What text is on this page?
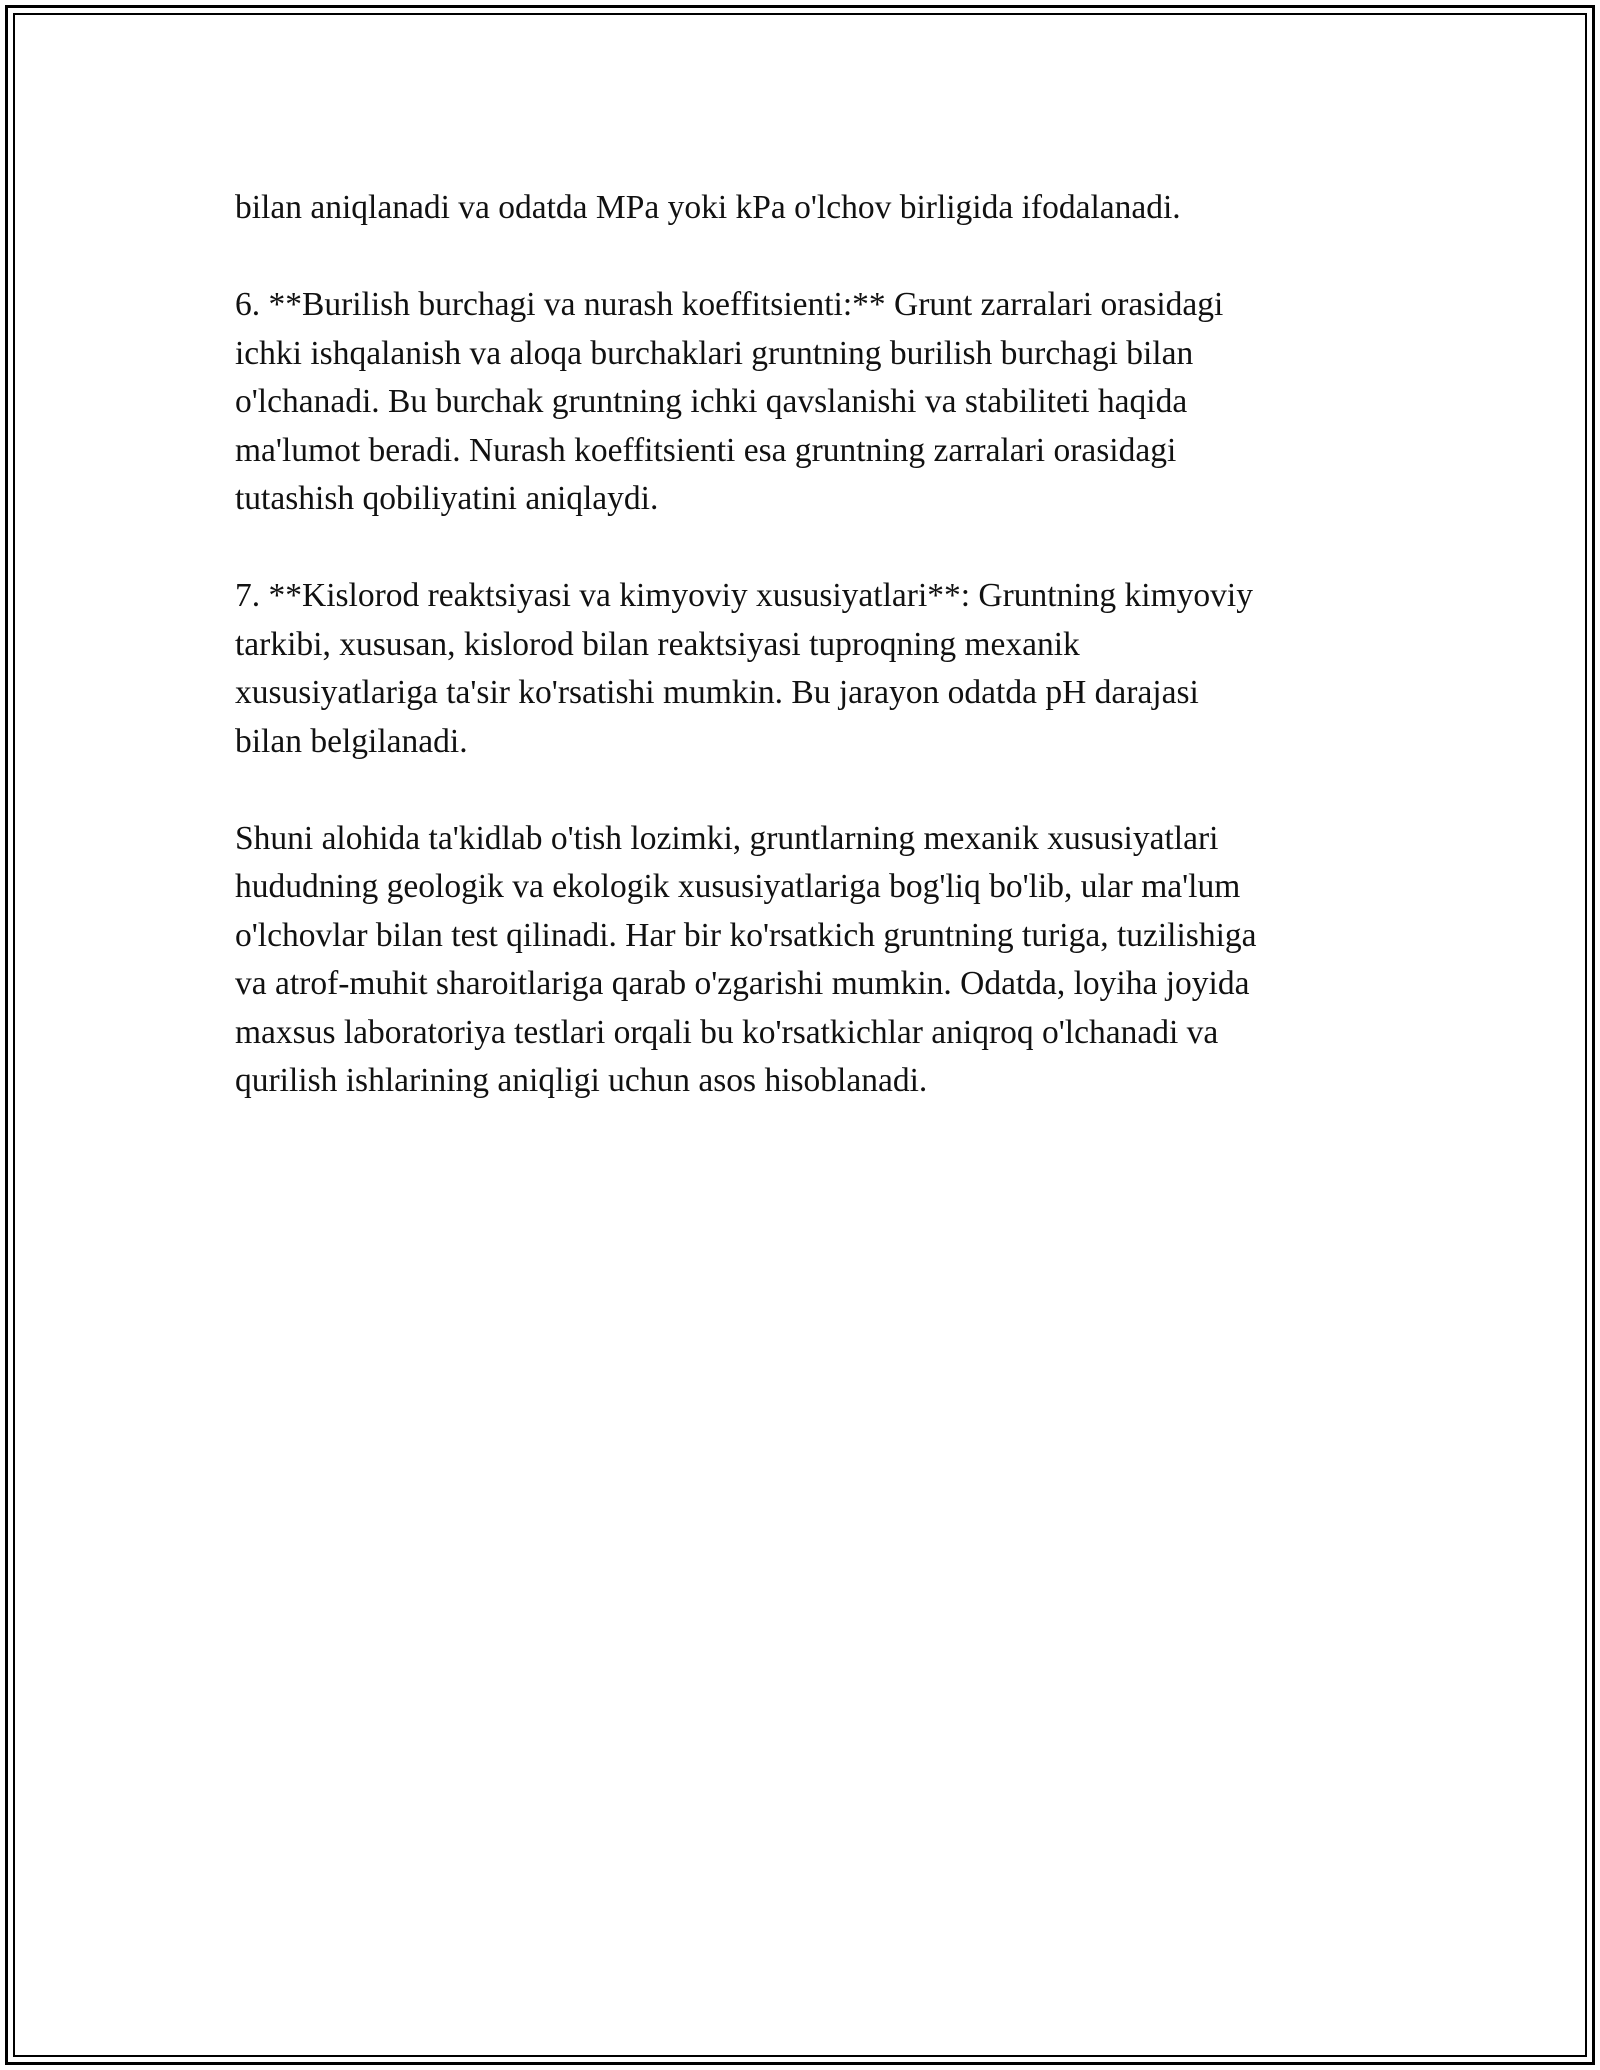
bilan aniqlanadi va odatda MPa yoki kPa o'lchov birligida ifodalanadi.

6. **Burilish burchagi va nurash koeffitsienti:** Grunt zarralari orasidagi
ichki ishqalanish va aloqa burchaklari gruntning burilish burchagi bilan
o'lchanadi. Bu burchak gruntning ichki qavslanishi va stabiliteti haqida
ma'lumot beradi. Nurash koeffitsienti esa gruntning zarralari orasidagi
tutashish qobiliyatini aniqlaydi.

7. **Kislorod reaktsiyasi va kimyoviy xususiyatlari**: Gruntning kimyoviy
tarkibi, xususan, kislorod bilan reaktsiyasi tuproqning mexanik
xususiyatlariga ta'sir ko'rsatishi mumkin. Bu jarayon odatda pH darajasi
bilan belgilanadi.

Shuni alohida ta'kidlab o'tish lozimki, gruntlarning mexanik xususiyatlari
hududning geologik va ekologik xususiyatlariga bog'liq bo'lib, ular ma'lum
o'lchovlar bilan test qilinadi. Har bir ko'rsatkich gruntning turiga, tuzilishiga
va atrof-muhit sharoitlariga qarab o'zgarishi mumkin. Odatda, loyiha joyida
maxsus laboratoriya testlari orqali bu ko'rsatkichlar aniqroq o'lchanadi va
qurilish ishlarining aniqligi uchun asos hisoblanadi.
